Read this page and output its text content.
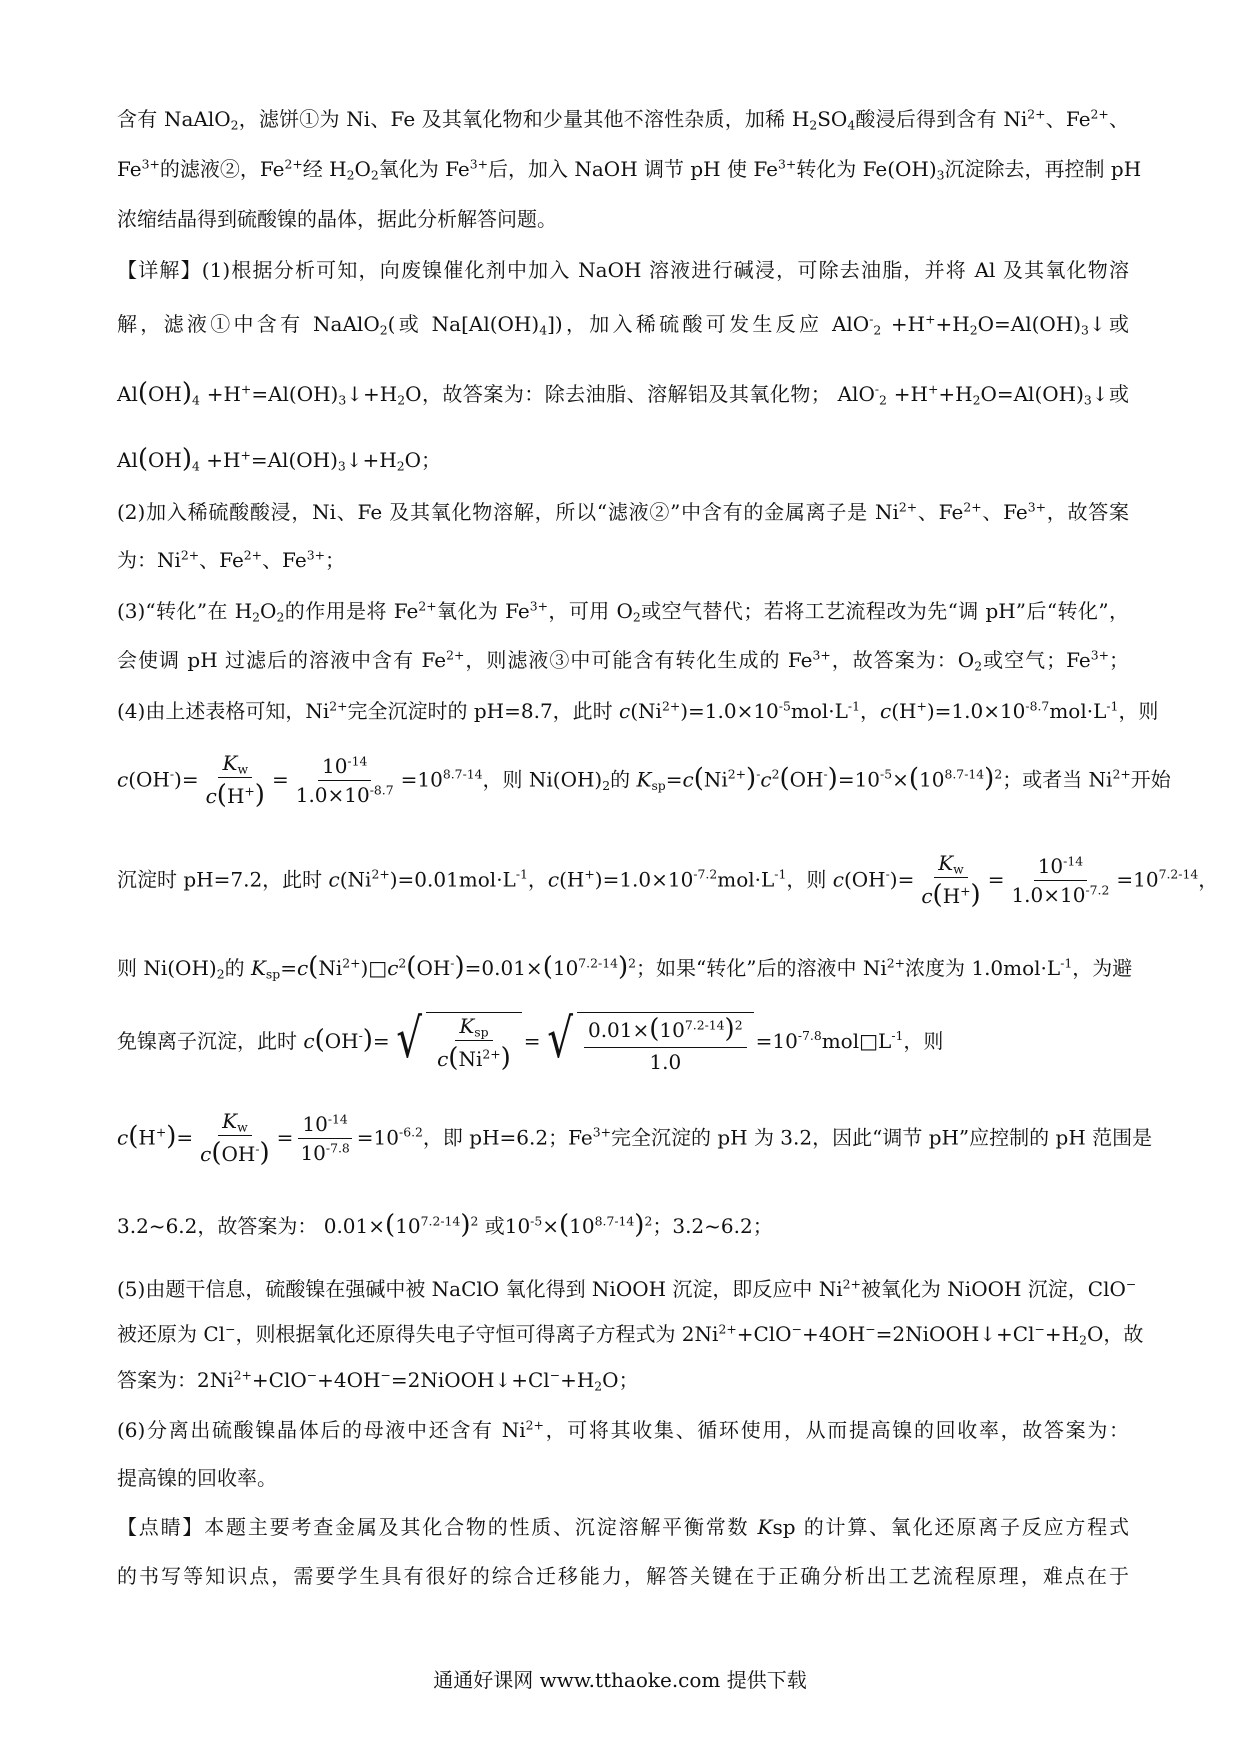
含有 NaAlO$_2$，滤饼①为 Ni、Fe 及其氧化物和少量其他不溶性杂质，加稀 $H_2SO_4$酸浸后得到含有 $Ni^{2+}$、$Fe^{2+}$、
$Fe^{3+}$的滤液②，$Fe^{2+}$经 $H_2O_2$氧化为 $Fe^{3+}$后，加入 NaOH 调节 pH 使 $Fe^{3+}$转化为 $Fe(OH)_3$沉淀除去，再控制 pH
浓缩结晶得到硫酸镍的晶体，据此分析解答问题。
【详解】(1)根据分析可知，向废镍催化剂中加入 NaOH 溶液进行碱浸，可除去油脂，并将 Al 及其氧化物溶
解，滤液①中含有 NaAlO$_2$(或 $Na[Al(OH)_4]$)，加入稀硫酸可发生反应 $AlO^-_2 +H^++H_2O=Al(OH)_3↓$或
$Al(OH)_4$ $+H^+=Al(OH)_3↓+H_2O$，故答案为：除去油脂、溶解铝及其氧化物； $AlO^-_2 +H^++H_2O=Al(OH)_3↓$或
$Al(OH)_4$ $+H^+=Al(OH)_3↓+H_2O$；
(2)加入稀硫酸酸浸，Ni、Fe 及其氧化物溶解，所以“滤液②”中含有的金属离子是 $Ni^{2+}$、$Fe^{2+}$、$Fe^{3+}$，故答案
为：$Ni^{2+}$、$Fe^{2+}$、$Fe^{3+}$；
(3)“转化”在 $H_2O_2$的作用是将 $Fe^{2+}$氧化为 $Fe^{3+}$，可用 $O_2$或空气替代；若将工艺流程改为先“调 pH”后“转化”，
会使调 pH 过滤后的溶液中含有 $Fe^{2+}$，则滤液③中可能含有转化生成的 $Fe^{3+}$，故答案为：$O_2$或空气；$Fe^{3+}$；
(4)由上述表格可知，$Ni^{2+}$完全沉淀时的 pH=8.7，此时 $c(Ni^{2+})=1.0\times 10^{-5}mol\cdot L^{-1}$，$c(H^+)=1.0\times 10^{-8.7}mol\cdot L^{-1}$，则
$c(OH^-)= \frac{K_w}{c(H^+)} = \frac{10^{-14}}{1.0\times 10^{-8.7}} =10^{8.7-14}$，则 $Ni(OH)_2$的 $K_{sp}=c(Ni^{2+})^-c^2(OH^-)=10^{-5}\times(10^{8.7-14})^2$；或者当 $Ni^{2+}$开始
沉淀时 pH=7.2，此时 $c(Ni^{2+})=0.01mol\cdot L^{-1}$，$c(H^+)=1.0\times 10^{-7.2}mol\cdot L^{-1}$，则 $c(OH^-)= \frac{K_w}{c(H^+)} = \frac{10^{-14}}{1.0\times 10^{-7.2}} =10^{7.2-14}$，
则 $Ni(OH)_2$的 $K_{sp}=c(Ni^{2+})□c^2(OH^-)=0.01\times(10^{7.2-14})^2$；如果“转化”后的溶液中 $Ni^{2+}$浓度为 $1.0mol\cdot L^{-1}$，为避
免镍离子沉淀，此时 c(OH-)= √ $\frac{K_{sp}}{c(Ni^{2+})}$ = √ $\frac{0.01\times(10^{7.2-14})^2}{1.0}$ $=10^{-7.8}mol□L^{-1}$，则
$c(H^+)= \frac{K_w}{c(OH^-)} = \frac{10^{-14}}{10^{-7.8}} =10^{-6.2}$，即 pH=6.2；$Fe^{3+}$完全沉淀的 pH 为 3.2，因此“调节 pH”应控制的 pH 范围是
3.2~6.2，故答案为： $0.01\times(10^{7.2-14})^2$ 或$10^{-5}\times(10^{8.7-14})^2$；3.2~6.2；
(5)由题干信息，硫酸镍在强碱中被 NaClO 氧化得到 NiOOH 沉淀，即反应中 $Ni^{2+}$被氧化为 NiOOH 沉淀，ClO−
被还原为 Cl−，则根据氧化还原得失电子守恒可得离子方程式为 $2Ni^{2+}+ClO^-+4OH^-=2NiOOH↓+Cl^-+H_2O$，故
答案为：$2Ni^{2+}+ClO^-+4OH^-=2NiOOH↓+Cl^-+H_2O$；
(6)分离出硫酸镍晶体后的母液中还含有 $Ni^{2+}$，可将其收集、循环使用，从而提高镍的回收率，故答案为：
提高镍的回收率。
【点睛】本题主要考查金属及其化合物的性质、沉淀溶解平衡常数 Ksp 的计算、氧化还原离子反应方程式
的书写等知识点，需要学生具有很好的综合迁移能力，解答关键在于正确分析出工艺流程原理，难点在于
通通好课网 www.tthaoke.com 提供下载
